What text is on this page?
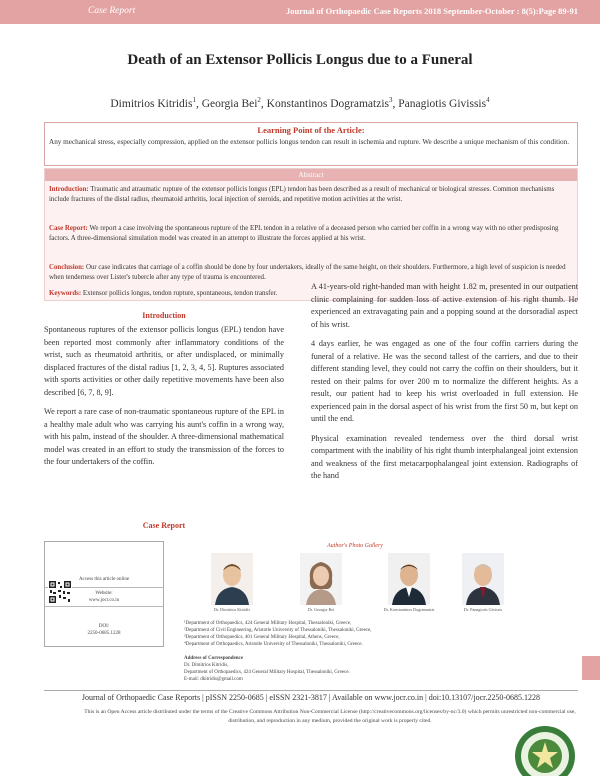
Case Report	Journal of Orthopaedic Case Reports 2018 September-October : 8(5):Page 89-91
Death of an Extensor Pollicis Longus due to a Funeral
Dimitrios Kitridis$^1$, Georgia Bei$^2$, Konstantinos Dogramatzis$^3$, Panagiotis Givissis$^4$
Learning Point of the Article:
Any mechanical stress, especially compression, applied on the extensor pollicis longus tendon can result in ischemia and rupture. We describe a unique mechanism of this condition.
Abstract
Introduction: Traumatic and atraumatic rupture of the extensor pollicis longus (EPL) tendon has been described as a result of mechanical or biological stresses. Common mechanisms include fractures of the distal radius, rheumatoid arthritis, local injection of steroids, and repetitive motion activities at the wrist.
Case Report: We report a case involving the spontaneous rupture of the EPL tendon in a relative of a deceased person who carried her coffin in a wrong way with no other predisposing factors. A three-dimensional simulation model was created in an attempt to illustrate the forces applied at his wrist.
Conclusion: Our case indicates that carriage of a coffin should be done by four undertakers, ideally of the same height, on their shoulders. Furthermore, a high level of suspicion is needed when tenderness over Lister's tubercle after any type of trauma is encountered.
Keywords: Extensor pollicis longus, tendon rupture, spontaneous, tendon transfer.
Introduction

Spontaneous ruptures of the extensor pollicis longus (EPL) tendon have been reported most commonly after inflammatory conditions of the wrist, such as rheumatoid arthritis, or after undisplaced, or minimally displaced fractures of the distal radius [1, 2, 3, 4, 5]. Ruptures associated with sports activities or other daily repetitive movements have been also described [6, 7, 8, 9].

We report a rare case of non-traumatic spontaneous rupture of the EPL in a healthy male adult who was carrying his aunt's coffin in a wrong way, with his palm, instead of the shoulder. A three-dimensional mathematical model was created in an effort to study the transmission of the forces to the four undertakers of the coffin.

A 41-years-old right-handed man with height 1.82 m, presented in our outpatient clinic complaining for sudden loss of active extension of his right thumb. He experienced an extravagating pain and a popping sound at the dorsoradial aspect of his wrist.

4 days earlier, he was engaged as one of the four coffin carriers during the funeral of a relative. He was the second tallest of the carriers, and due to their different standing level, they could not carry the coffin on their shoulders, but it rested on their palms for over 200 m to normalize the different heights. As a result, our patient had to keep his wrist overloaded in full extension. He experienced pain in the dorsal aspect of his wrist from the first 50 m, but kept on until the end.

Physical examination revealed tenderness over the third dorsal wrist compartment with the inability of his right thumb interphalangeal joint extension and weakness of the first metacarpophalangeal joint extension. Radiographs of the hand

Case Report
Access this article online
Website:
www.jocr.co.in
DOI:
2250-0685.1228
Author's Photo Gallery
Dr. Dimitrios Kitridis	Dr. Georgia Bei	Dr. Konstantinos Dogramatzis	Dr. Panagiotis Givissis
¹Department of Orthopaedics, 424 General Military Hospital, Thessaloniki, Greece,
²Department of Civil Engineering, Aristotle University of Thessaloniki, Thessaloniki, Greece,
³Department of Orthopaedics, 401 General Military Hospital, Athens, Greece,
⁴Department of Orthopaedics, Aristotle University of Thessaloniki, Thessaloniki, Greece.
Address of Correspondence
Dr. Dimitrios Kitridis,
Department of Orthopaedics, 424 General Military Hospital, Thessaloniki, Greece.
E-mail: dkitridis@gmail.com
Journal of Orthopaedic Case Reports | pISSN 2250-0685 | eISSN 2321-3817 | Available on www.jocr.co.in | doi:10.13107/jocr.2250-0685.1228
This is an Open Access article distributed under the terms of the Creative Commons Attribution Non-Commercial License (http://creativecommons.org/licenses/by-nc/3.0) which permits unrestricted non-commercial use, distribution, and reproduction in any medium, provided the original work is properly cited.
